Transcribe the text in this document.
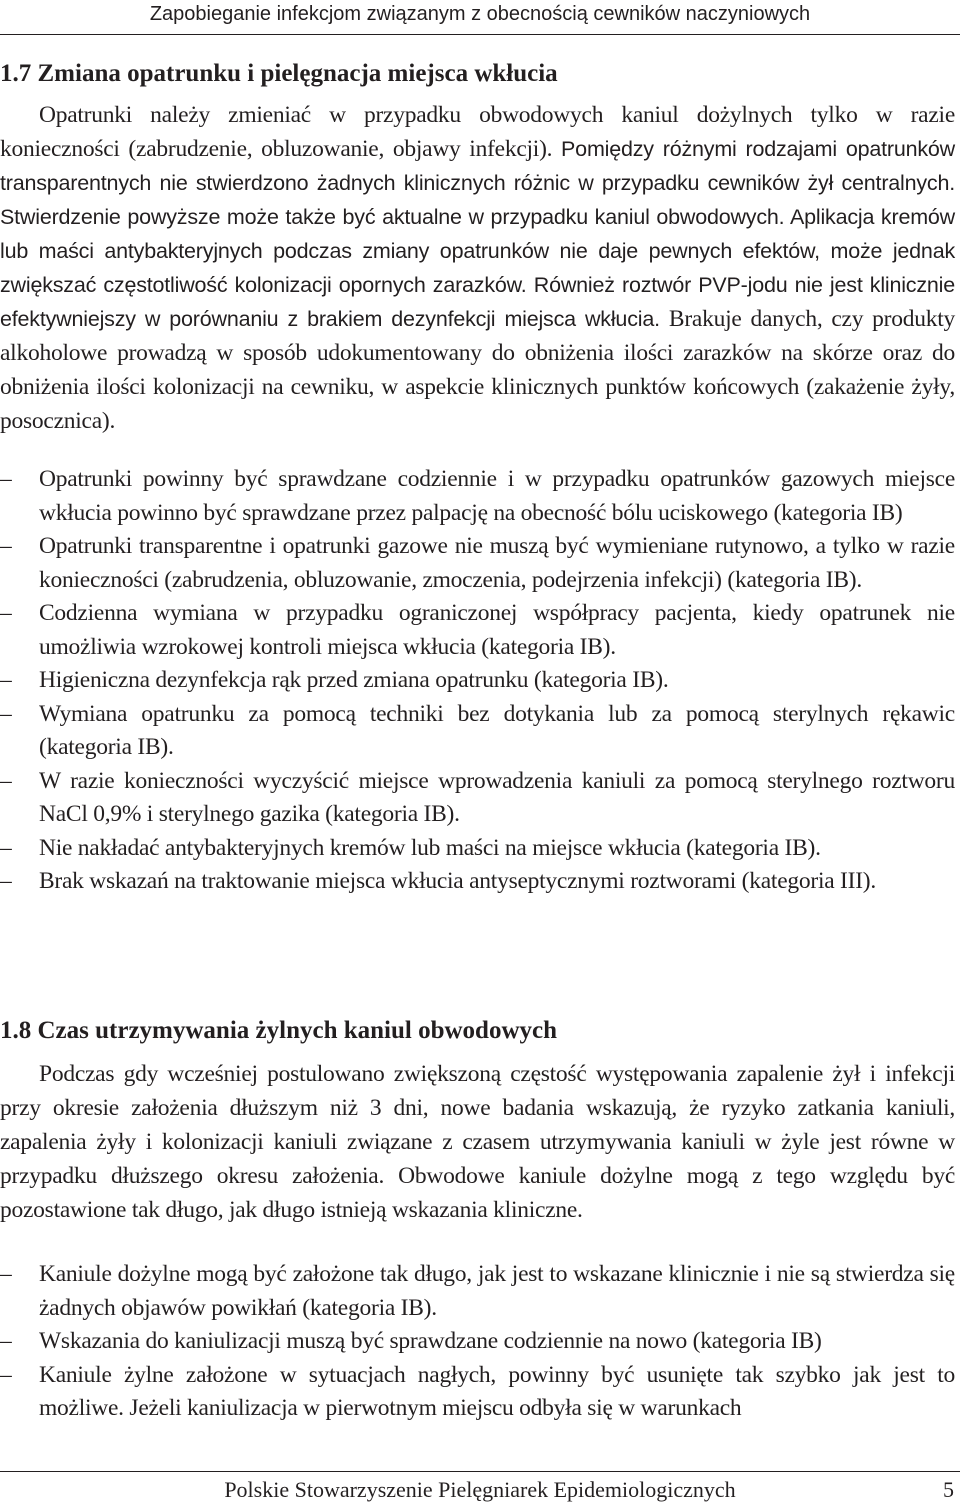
Zapobieganie infekcjom związanym z obecnością cewników naczyniowych
1.7 Zmiana opatrunku i pielęgnacja miejsca wkłucia

Opatrunki należy zmieniać w przypadku obwodowych kaniul dożylnych tylko w razie konieczności (zabrudzenie, obluzowanie, objawy infekcji). Pomiędzy różnymi rodzajami opatrunków transparentnych nie stwierdzono żadnych klinicznych różnic w przypadku cewników żył centralnych. Stwierdzenie powyższe może także być aktualne w przypadku kaniul obwodowych. Aplikacja kremów lub maści antybakteryjnych podczas zmiany opatrunków nie daje pewnych efektów, może jednak zwiększać częstotliwość kolonizacji opornych zarazków. Również roztwór PVP-jodu nie jest klinicznie efektywniejszy w porównaniu z brakiem dezynfekcji miejsca wkłucia. Brakuje danych, czy produkty alkoholowe prowadzą w sposób udokumentowany do obniżenia ilości zarazków na skórze oraz do obniżenia ilości kolonizacji na cewniku, w aspekcie klinicznych punktów końcowych (zakażenie żyły, posocznica).

–	Opatrunki powinny być sprawdzane codziennie i w przypadku opatrunków gazowych miejsce wkłucia powinno być sprawdzane przez palpację na obecność bólu uciskowego (kategoria IB)
–	Opatrunki transparentne i opatrunki gazowe nie muszą być wymieniane rutynowo, a tylko w razie konieczności (zabrudzenia, obluzowanie, zmoczenia, podejrzenia infekcji) (kategoria IB).
–	Codzienna wymiana w przypadku ograniczonej współpracy pacjenta, kiedy opatrunek nie umożliwia wzrokowej kontroli miejsca wkłucia (kategoria IB).
–	Higieniczna dezynfekcja rąk przed zmiana opatrunku (kategoria IB).
–	Wymiana opatrunku za pomocą techniki bez dotykania lub za pomocą sterylnych rękawic (kategoria IB).
–	W razie konieczności wyczyścić miejsce wprowadzenia kaniuli za pomocą sterylnego roztworu NaCl 0,9% i sterylnego gazika (kategoria IB).
–	Nie nakładać antybakteryjnych kremów lub maści na miejsce wkłucia (kategoria IB).
–	Brak wskazań na traktowanie miejsca wkłucia antyseptycznymi roztworami (kategoria III).
1.8 Czas utrzymywania żylnych kaniul obwodowych

Podczas gdy wcześniej postulowano zwiększoną częstość występowania zapalenie żył i infekcji przy okresie założenia dłuższym niż 3 dni, nowe badania wskazują, że ryzyko zatkania kaniuli, zapalenia żyły i kolonizacji kaniuli związane z czasem utrzymywania kaniuli w żyle jest równe w przypadku dłuższego okresu założenia. Obwodowe kaniule dożylne mogą z tego względu być pozostawione tak długo, jak długo istnieją wskazania kliniczne.

–	Kaniule dożylne mogą być założone tak długo, jak jest to wskazane klinicznie i nie są stwierdza się żadnych objawów powikłań (kategoria IB).
–	Wskazania do kaniulizacji muszą być sprawdzane codziennie na nowo (kategoria IB)
–	Kaniule żylne założone w sytuacjach nagłych, powinny być usunięte tak szybko jak jest to możliwe. Jeżeli kaniulizacja w pierwotnym miejscu odbyła się w warunkach
Polskie Stowarzyszenie Pielęgniarek Epidemiologicznych	5
